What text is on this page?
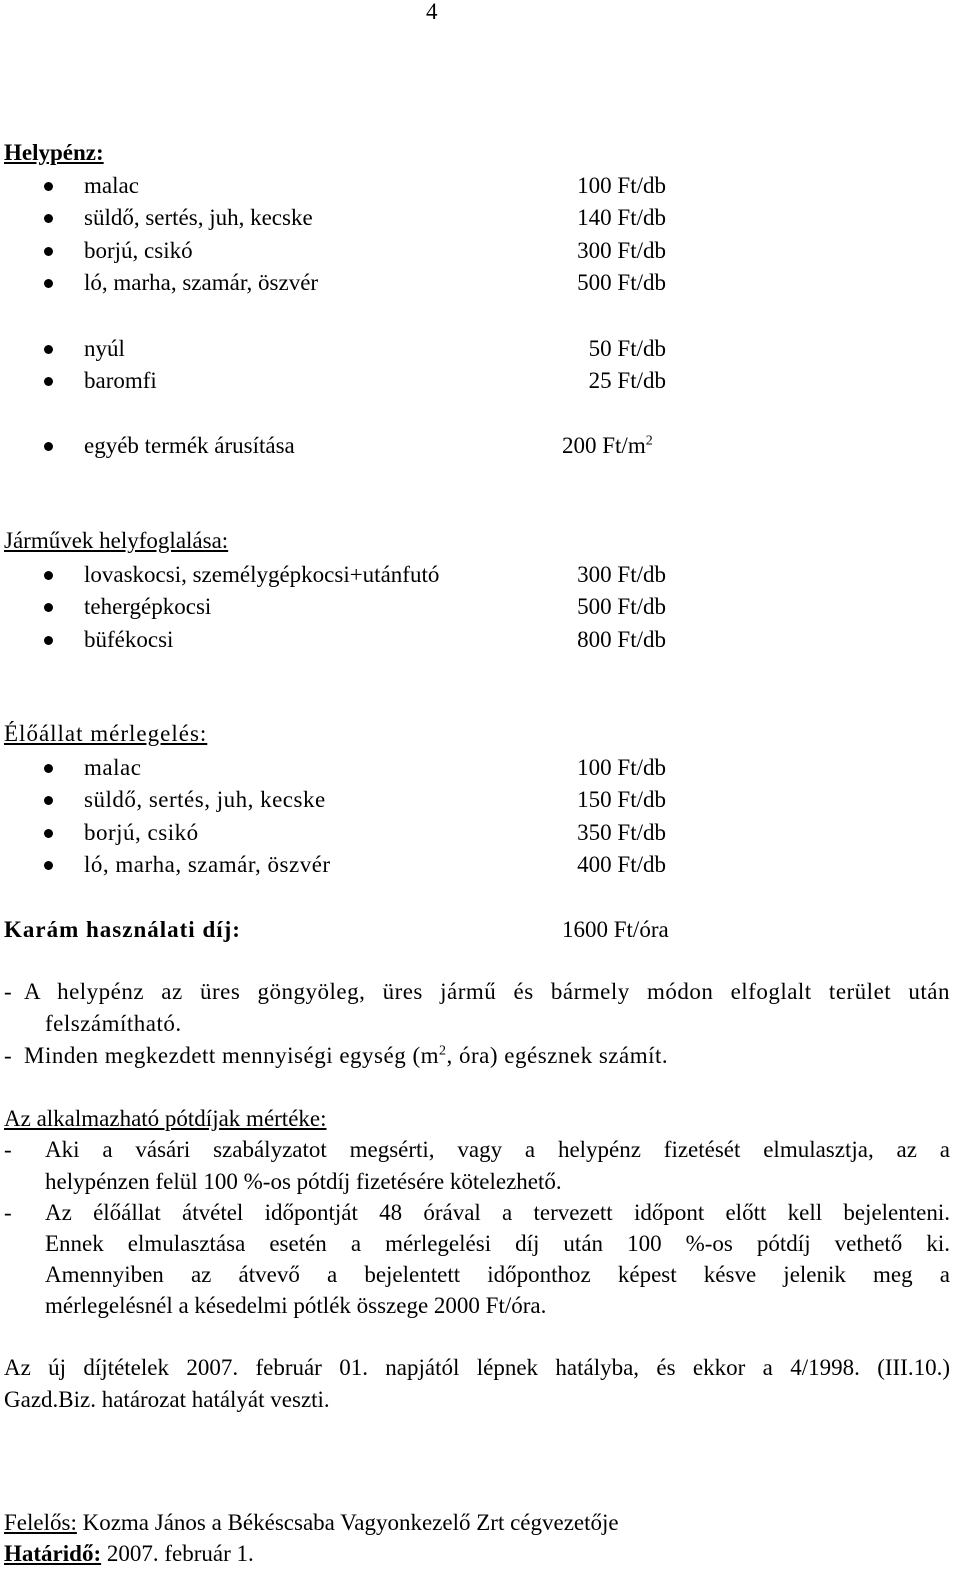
4
Helypénz:
malac	100 Ft/db
süldő, sertés, juh, kecske	140 Ft/db
borjú, csikó	300 Ft/db
ló, marha, szamár, öszvér	500 Ft/db
nyúl	50 Ft/db
baromfi	25 Ft/db
egyéb termék árusítása	200 $Ft/m^2$
Járművek helyfoglalása:
lovaskocsi, személygépkocsi+utánfutó	300 Ft/db
tehergépkocsi	500 Ft/db
büfékocsi	800 Ft/db
Élőállat mérlegelés:
malac	100 Ft/db
süldő, sertés, juh, kecske	150 Ft/db
borjú, csikó	350 Ft/db
ló, marha, szamár, öszvér	400 Ft/db
Karám használati díj:	1600 Ft/óra
- A helypénz az üres göngyöleg, üres jármű és bármely módon elfoglalt terület után
felszámítható.
- Minden megkezdett mennyiségi egység ($m^2$, óra) egésznek számít.
Az alkalmazható pótdíjak mértéke:
- Aki a vásári szabályzatot megsérti, vagy a helypénz fizetését elmulasztja, az a
helypénzen felül 100 %-os pótdíj fizetésére kötelezhető.
- Az élőállat átvétel időpontját 48 órával a tervezett időpont előtt kell bejelenteni.
Ennek elmulasztása esetén a mérlegelési díj után 100 %-os pótdíj vethető ki.
Amennyiben az átvevő a bejelentett időponthoz képest késve jelenik meg a
mérlegelésnél a késedelmi pótlék összege 2000 Ft/óra.
Az új díjtételek 2007. február 01. napjától lépnek hatályba, és ekkor a 4/1998. (III.10.)
Gazd.Biz. határozat hatályát veszti.
Felelős: Kozma János a Békéscsaba Vagyonkezelő Zrt cégvezetője
Határidő: 2007. február 1.
